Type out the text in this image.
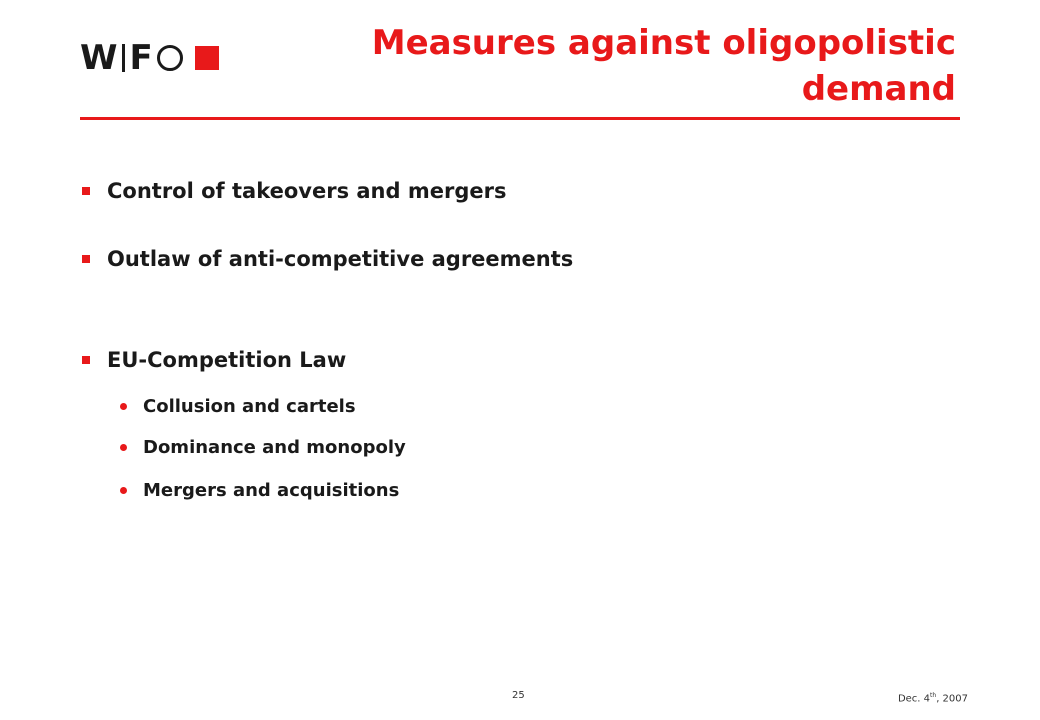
W F	Measures against oligopolistic
demand
Control of takeovers and mergers
Outlaw of anti-competitive agreements
EU-Competition Law
Collusion and cartels
Dominance and monopoly
Mergers and acquisitions
25	Dec. 4th, 2007
